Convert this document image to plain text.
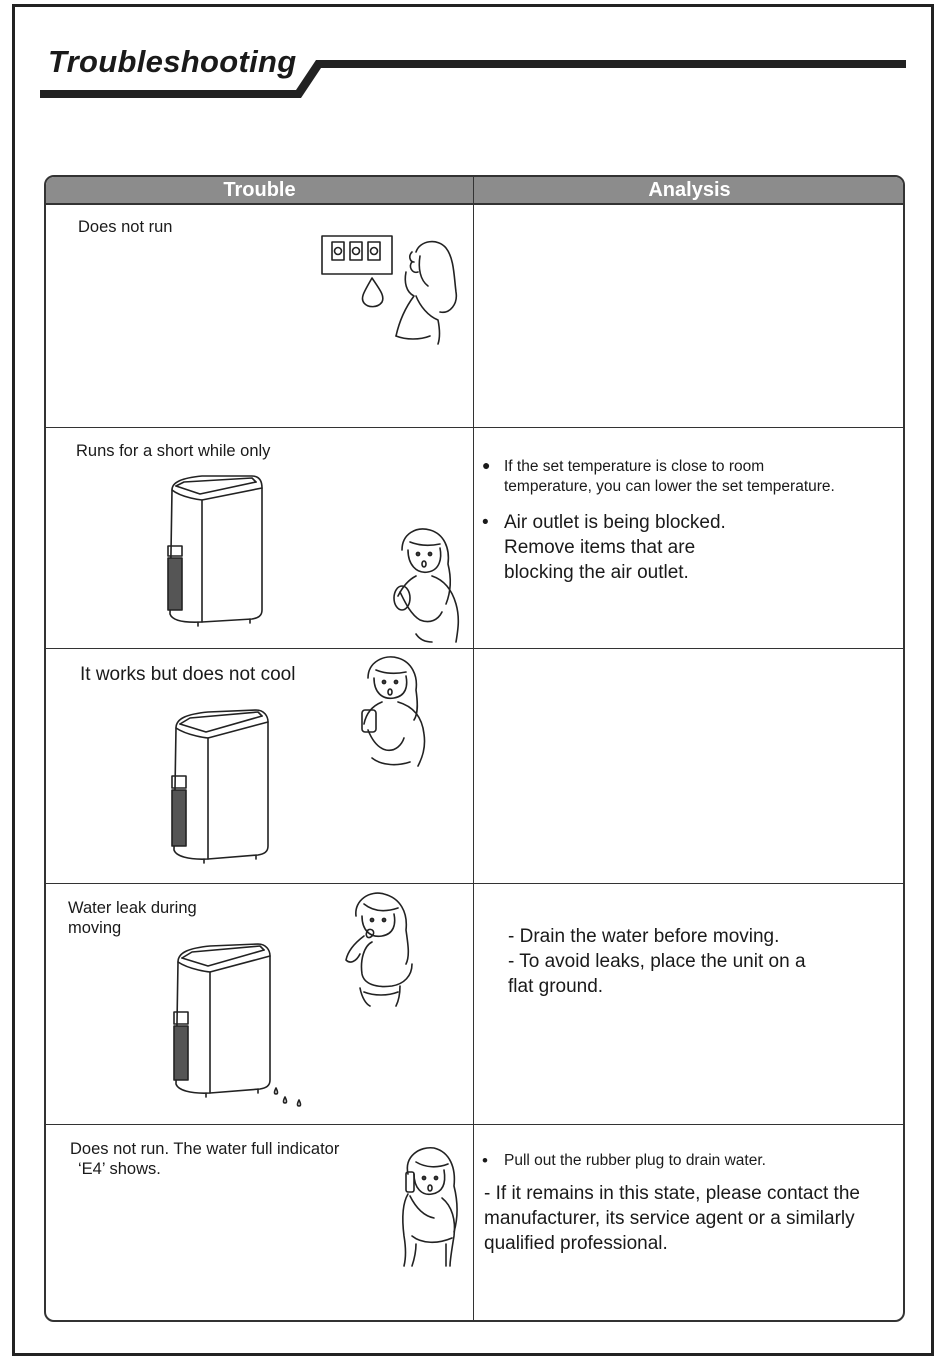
Troubleshooting
Trouble	Analysis
Does not run
Runs for a short while only
● If the set temperature is close to room
temperature, you can lower the set temperature.
• Air outlet is being blocked.
Remove items that are
blocking the air outlet.
It works but does not cool
Water leak during
moving	- Drain the water before moving.
- To avoid leaks, place the unit on a
flat ground.
Does not run. The water full indicator
‘E4’ shows.	•	Pull out the rubber plug to drain water.
- If it remains in this state, please contact the
manufacturer, its service agent or a similarly
qualified professional.
